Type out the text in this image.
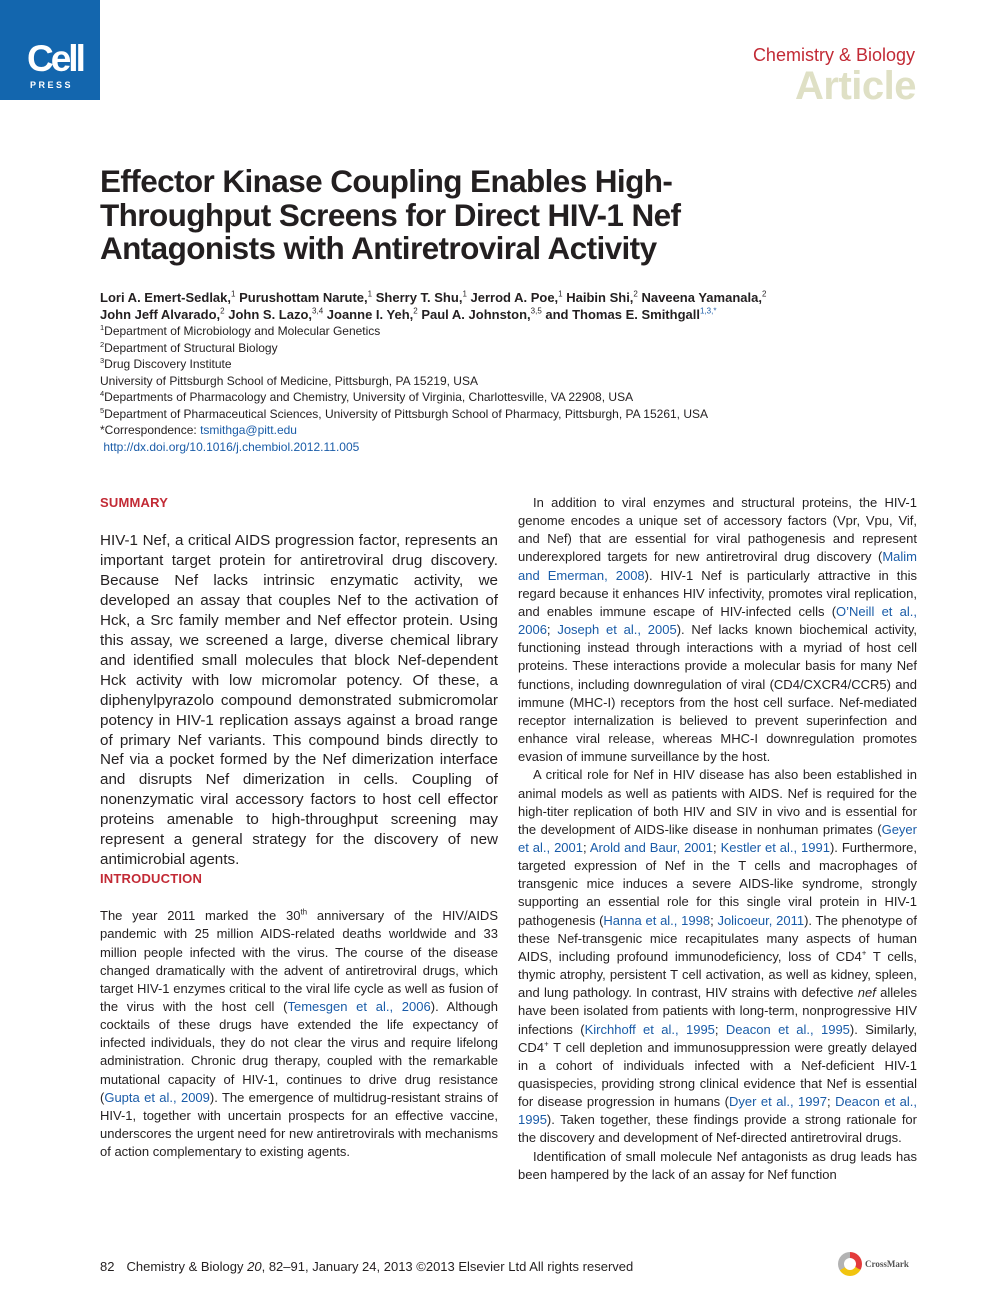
Cell
PRESS
Chemistry & Biology
Article
Effector Kinase Coupling Enables High-Throughput Screens for Direct HIV-1 Nef Antagonists with Antiretroviral Activity
Lori A. Emert-Sedlak,$^1$ Purushottam Narute,$^1$ Sherry T. Shu,$^1$ Jerrod A. Poe,$^1$ Haibin Shi,$^2$ Naveena Yamanala,$^2$
John Jeff Alvarado,$^2$ John S. Lazo,$^{3,4}$ Joanne I. Yeh,$^2$ Paul A. Johnston,$^{3,5}$ and Thomas E. Smithgall$^{1,3,*}$
$^1$Department of Microbiology and Molecular Genetics
$^2$Department of Structural Biology
$^3$Drug Discovery Institute
University of Pittsburgh School of Medicine, Pittsburgh, PA 15219, USA
$^4$Departments of Pharmacology and Chemistry, University of Virginia, Charlottesville, VA 22908, USA
$^5$Department of Pharmaceutical Sciences, University of Pittsburgh School of Pharmacy, Pittsburgh, PA 15261, USA
*Correspondence: tsmithga@pitt.edu
http://dx.doi.org/10.1016/j.chembiol.2012.11.005
SUMMARY

HIV-1 Nef, a critical AIDS progression factor, represents an important target protein for antiretroviral drug discovery. Because Nef lacks intrinsic enzymatic activity, we developed an assay that couples Nef to the activation of Hck, a Src family member and Nef effector protein. Using this assay, we screened a large, diverse chemical library and identified small molecules that block Nef-dependent Hck activity with low micromolar potency. Of these, a diphenylpyrazolo compound demonstrated submicromolar potency in HIV-1 replication assays against a broad range of primary Nef variants. This compound binds directly to Nef via a pocket formed by the Nef dimerization interface and disrupts Nef dimerization in cells. Coupling of nonenzymatic viral accessory factors to host cell effector proteins amenable to high-throughput screening may represent a general strategy for the discovery of new antimicrobial agents.

INTRODUCTION

The year 2011 marked the 30th anniversary of the HIV/AIDS pandemic with 25 million AIDS-related deaths worldwide and 33 million people infected with the virus. The course of the disease changed dramatically with the advent of antiretroviral drugs, which target HIV-1 enzymes critical to the viral life cycle as well as fusion of the virus with the host cell (Temesgen et al., 2006). Although cocktails of these drugs have extended the life expectancy of infected individuals, they do not clear the virus and require lifelong administration. Chronic drug therapy, coupled with the remarkable mutational capacity of HIV-1, continues to drive drug resistance (Gupta et al., 2009). The emergence of multidrug-resistant strains of HIV-1, together with uncertain prospects for an effective vaccine, underscores the urgent need for new antiretrovirals with mechanisms of action complementary to existing agents.

In addition to viral enzymes and structural proteins, the HIV-1 genome encodes a unique set of accessory factors (Vpr, Vpu, Vif, and Nef) that are essential for viral pathogenesis and represent underexplored targets for new antiretroviral drug discovery (Malim and Emerman, 2008). HIV-1 Nef is particularly attractive in this regard because it enhances HIV infectivity, promotes viral replication, and enables immune escape of HIV-infected cells (O’Neill et al., 2006; Joseph et al., 2005). Nef lacks known biochemical activity, functioning instead through interactions with a myriad of host cell proteins. These interactions provide a molecular basis for many Nef functions, including downregulation of viral (CD4/CXCR4/CCR5) and immune (MHC-I) receptors from the host cell surface. Nef-mediated receptor internalization is believed to prevent superinfection and enhance viral release, whereas MHC-I downregulation promotes evasion of immune surveillance by the host.

A critical role for Nef in HIV disease has also been established in animal models as well as patients with AIDS. Nef is required for the high-titer replication of both HIV and SIV in vivo and is essential for the development of AIDS-like disease in nonhuman primates (Geyer et al., 2001; Arold and Baur, 2001; Kestler et al., 1991). Furthermore, targeted expression of Nef in the T cells and macrophages of transgenic mice induces a severe AIDS-like syndrome, strongly supporting an essential role for this single viral protein in HIV-1 pathogenesis (Hanna et al., 1998; Jolicoeur, 2011). The phenotype of these Nef-transgenic mice recapitulates many aspects of human AIDS, including profound immunodeficiency, loss of CD4+ T cells, thymic atrophy, persistent T cell activation, as well as kidney, spleen, and lung pathology. In contrast, HIV strains with defective nef alleles have been isolated from patients with long-term, nonprogressive HIV infections (Kirchhoff et al., 1995; Deacon et al., 1995). Similarly, CD4+ T cell depletion and immunosuppression were greatly delayed in a cohort of individuals infected with a Nef-deficient HIV-1 quasispecies, providing strong clinical evidence that Nef is essential for disease progression in humans (Dyer et al., 1997; Deacon et al., 1995). Taken together, these findings provide a strong rationale for the discovery and development of Nef-directed antiretroviral drugs.

Identification of small molecule Nef antagonists as drug leads has been hampered by the lack of an assay for Nef function

82 Chemistry & Biology 20, 82–91, January 24, 2013 ©2013 Elsevier Ltd All rights reserved	CrossMark
